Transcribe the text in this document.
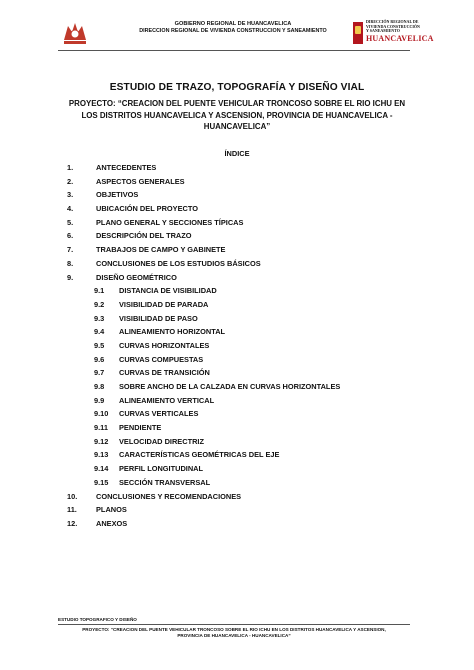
GOBIERNO REGIONAL DE HUANCAVELICA
DIRECCION REGIONAL DE VIVIENDA CONSTRUCCION Y SANEAMIENTO
DIRECCIÓN REGIONAL DE
VIVIENDA CONSTRUCCIÓN
Y SANEAMIENTO
HUANCAVELICA
ESTUDIO DE TRAZO, TOPOGRAFÍA Y DISEÑO VIAL
PROYECTO: “CREACION DEL PUENTE VEHICULAR TRONCOSO SOBRE EL RIO ICHU EN LOS DISTRITOS HUANCAVELICA Y ASCENSION, PROVINCIA DE HUANCAVELICA - HUANCAVELICA”
ÍNDICE
1.	ANTECEDENTES
2.	ASPECTOS GENERALES
3.	OBJETIVOS
4.	UBICACIÓN DEL PROYECTO
5.	PLANO GENERAL Y SECCIONES TÍPICAS
6.	DESCRIPCIÓN DEL TRAZO
7.	TRABAJOS DE CAMPO Y GABINETE
8.	CONCLUSIONES DE LOS ESTUDIOS BÁSICOS
9.	DISEÑO GEOMÉTRICO
9.1 DISTANCIA DE VISIBILIDAD
9.2 VISIBILIDAD DE PARADA
9.3 VISIBILIDAD DE PASO
9.4 ALINEAMIENTO HORIZONTAL
9.5 CURVAS HORIZONTALES
9.6 CURVAS COMPUESTAS
9.7 CURVAS DE TRANSICIÓN
9.8 SOBRE ANCHO DE LA CALZADA EN CURVAS HORIZONTALES
9.9 ALINEAMIENTO VERTICAL
9.10 CURVAS VERTICALES
9.11 PENDIENTE
9.12 VELOCIDAD DIRECTRIZ
9.13 CARACTERÍSTICAS GEOMÉTRICAS DEL EJE
9.14 PERFIL LONGITUDINAL
9.15 SECCIÓN TRANSVERSAL
10.	CONCLUSIONES Y RECOMENDACIONES
11.	PLANOS
12.	ANEXOS
ESTUDIO TOPOGRAFICO Y DISEÑO
PROYECTO: “CREACION DEL PUENTE VEHICULAR TRONCOSO SOBRE EL RIO ICHU EN LOS DISTRITOS HUANCAVELICA Y ASCENSION,
PROVINCIA DE HUANCAVELICA - HUANCAVELICA”
